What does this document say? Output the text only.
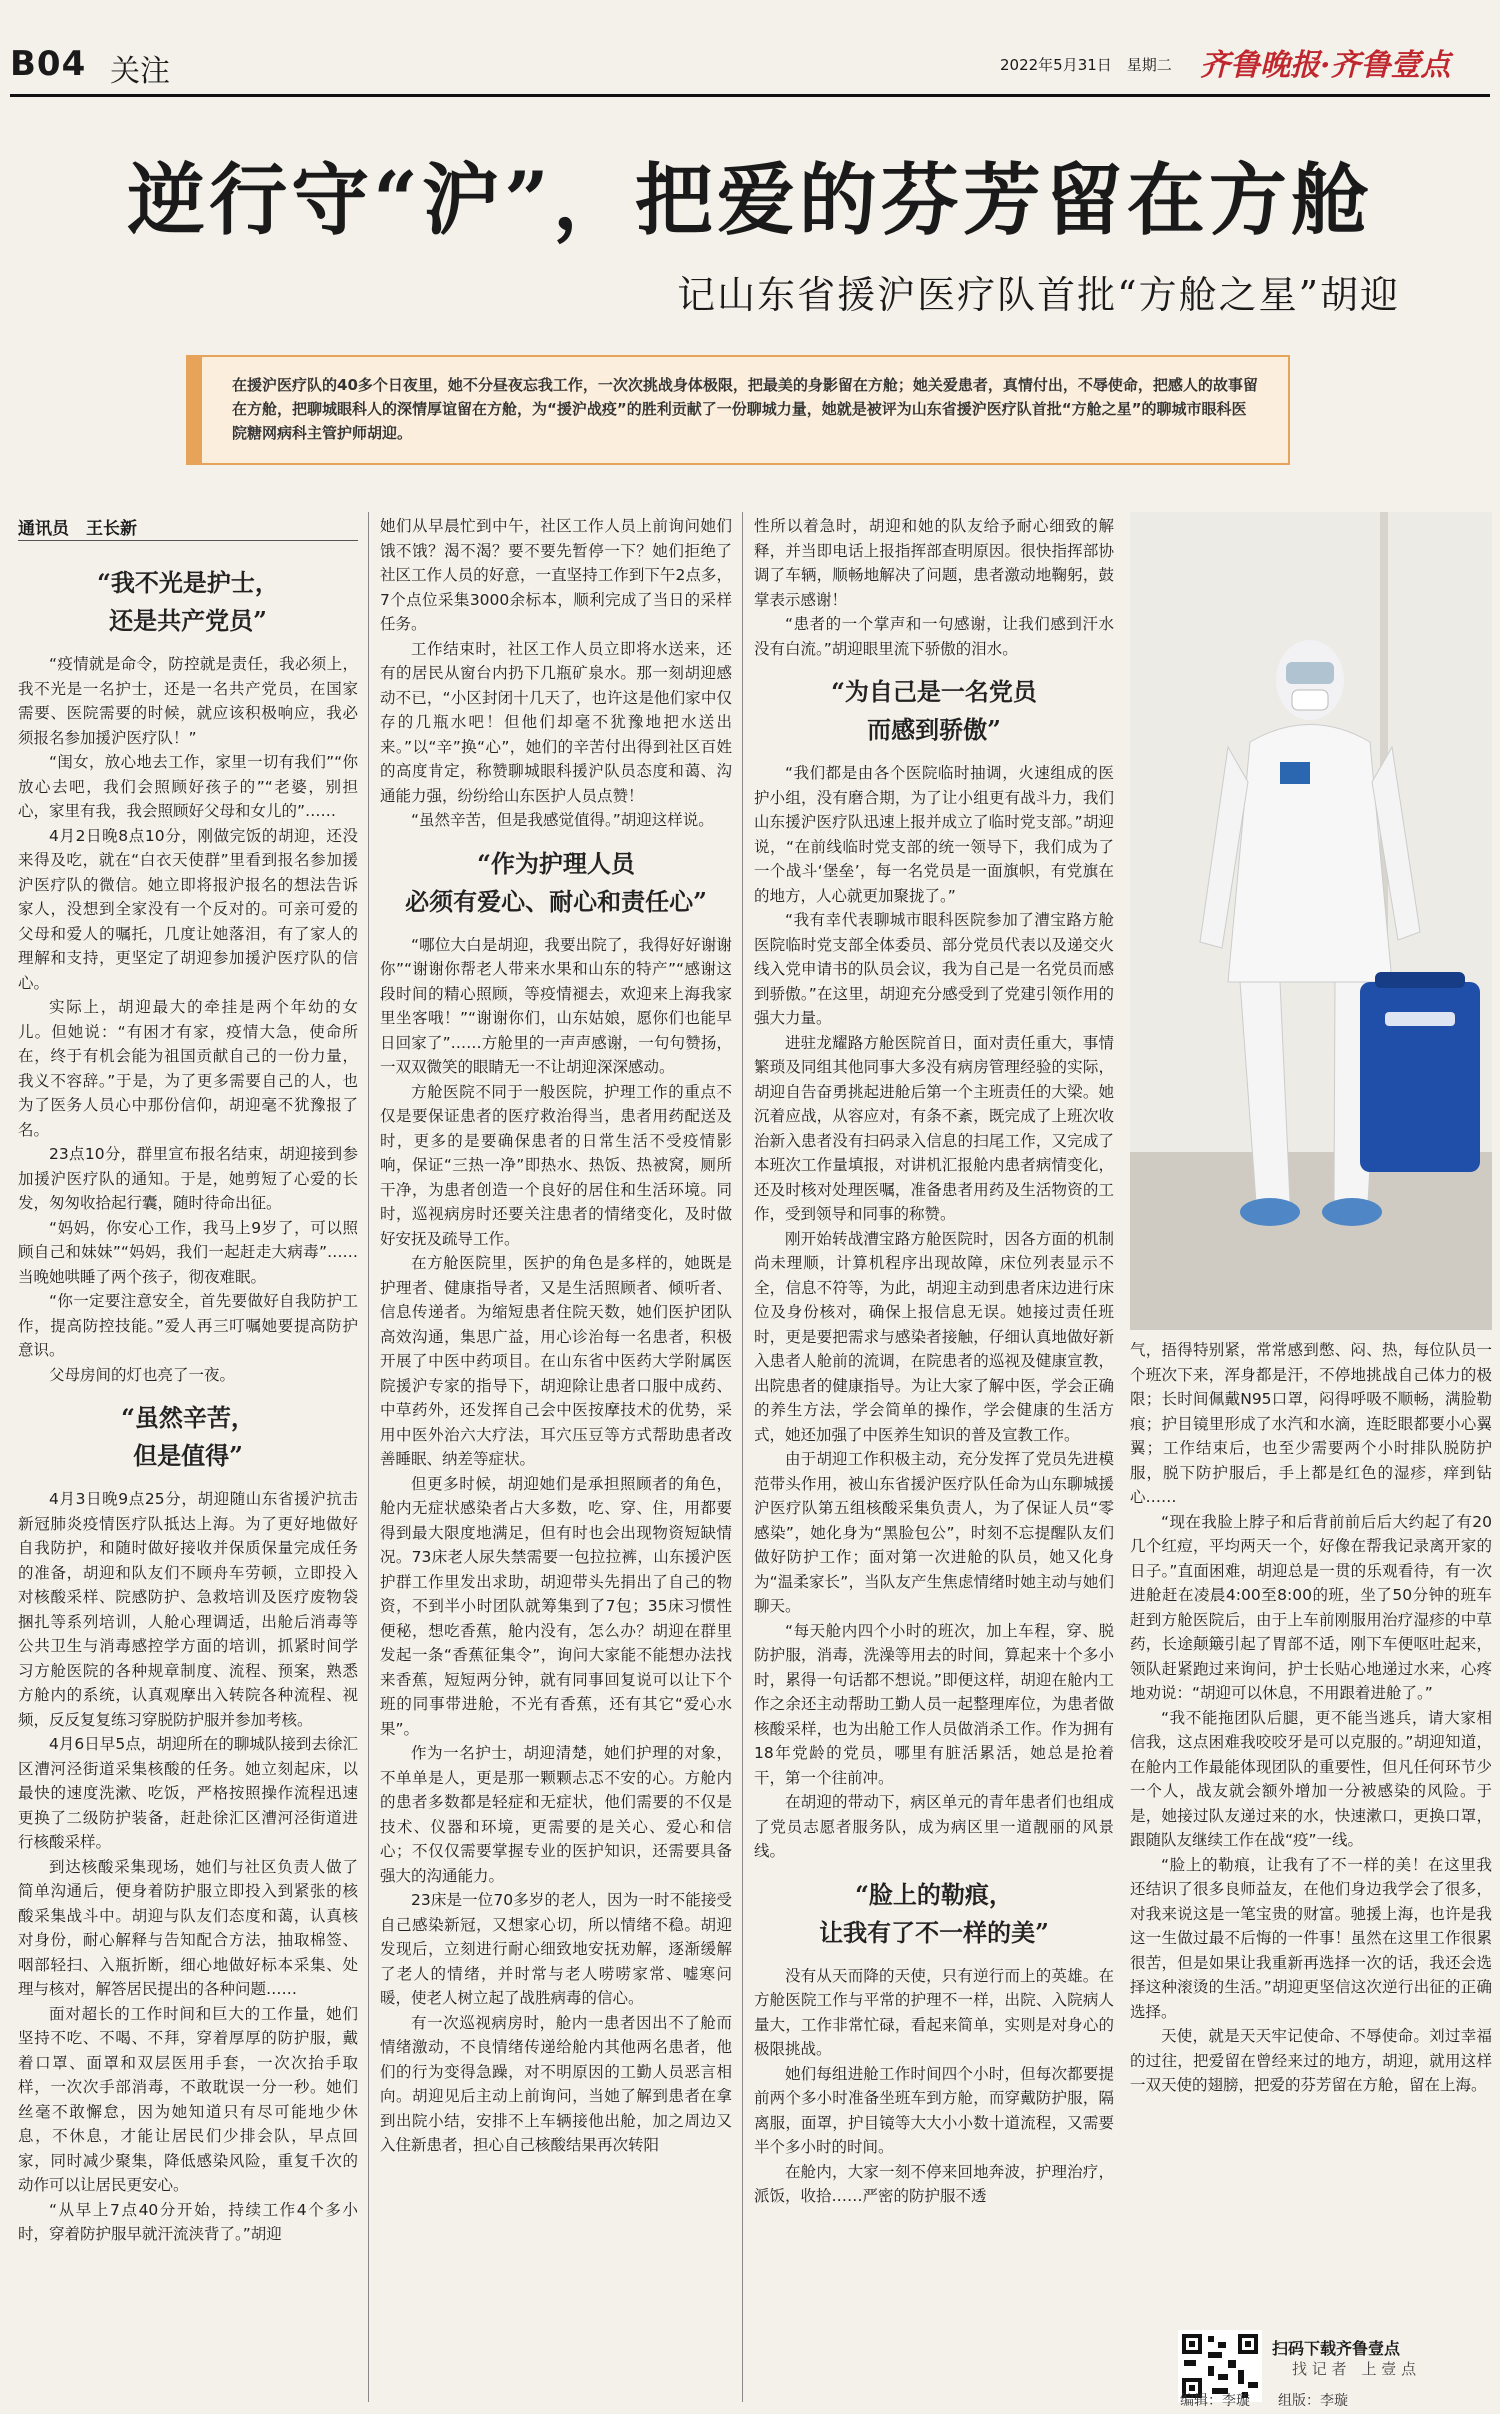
B04 关注	2022年5月31日　星期二 齐鲁晚报·齐鲁壹点
逆行守“沪”，把爱的芬芳留在方舱
记山东省援沪医疗队首批“方舱之星”胡迎
在援沪医疗队的40多个日夜里，她不分昼夜忘我工作，一次次挑战身体极限，把最美的身影留在方舱；她关爱患者，真情付出，不辱使命，把感人的故事留在方舱，把聊城眼科人的深情厚谊留在方舱，为“援沪战疫”的胜利贡献了一份聊城力量，她就是被评为山东省援沪医疗队首批“方舱之星”的聊城市眼科医院糖网病科主管护师胡迎。
通讯员　王长新
“我不光是护士，
还是共产党员”

“疫情就是命令，防控就是责任，我必须上，我不光是一名护士，还是一名共产党员，在国家需要、医院需要的时候，就应该积极响应，我必须报名参加援沪医疗队！”

“闺女，放心地去工作，家里一切有我们”“你放心去吧，我们会照顾好孩子的”“老婆，别担心，家里有我，我会照顾好父母和女儿的”……

4月2日晚8点10分，刚做完饭的胡迎，还没来得及吃，就在“白衣天使群”里看到报名参加援沪医疗队的微信。她立即将报沪报名的想法告诉家人，没想到全家没有一个反对的。可亲可爱的父母和爱人的嘱托，几度让她落泪，有了家人的理解和支持，更坚定了胡迎参加援沪医疗队的信心。

实际上，胡迎最大的牵挂是两个年幼的女儿。但她说：“有困才有家，疫情大急，使命所在，终于有机会能为祖国贡献自己的一份力量，我义不容辞。”于是，为了更多需要自己的人，也为了医务人员心中那份信仰，胡迎毫不犹豫报了名。

23点10分，群里宣布报名结束，胡迎接到参加援沪医疗队的通知。于是，她剪短了心爱的长发，匆匆收拾起行囊，随时待命出征。

“妈妈，你安心工作，我马上9岁了，可以照顾自己和妹妹”“妈妈，我们一起赶走大病毒”……当晚她哄睡了两个孩子，彻夜难眠。

“你一定要注意安全，首先要做好自我防护工作，提高防控技能。”爱人再三叮嘱她要提高防护意识。

父母房间的灯也亮了一夜。

“虽然辛苦，
但是值得”

4月3日晚9点25分，胡迎随山东省援沪抗击新冠肺炎疫情医疗队抵达上海。为了更好地做好自我防护，和随时做好接收并保质保量完成任务的准备，胡迎和队友们不顾舟车劳顿，立即投入对核酸采样、院感防护、急救培训及医疗废物袋捆扎等系列培训，人舱心理调适，出舱后消毒等公共卫生与消毒感控学方面的培训，抓紧时间学习方舱医院的各种规章制度、流程、预案，熟悉方舱内的系统，认真观摩出入转院各种流程、视频，反反复复练习穿脱防护服并参加考核。

4月6日早5点，胡迎所在的聊城队接到去徐汇区漕河泾街道采集核酸的任务。她立刻起床，以最快的速度洗漱、吃饭，严格按照操作流程迅速更换了二级防护装备，赶赴徐汇区漕河泾街道进行核酸采样。

到达核酸采集现场，她们与社区负责人做了简单沟通后，便身着防护服立即投入到紧张的核酸采集战斗中。胡迎与队友们态度和蔼，认真核对身份，耐心解释与告知配合方法，抽取棉签、咽部轻扫、入瓶折断，细心地做好标本采集、处理与核对，解答居民提出的各种问题……

面对超长的工作时间和巨大的工作量，她们坚持不吃、不喝、不拜，穿着厚厚的防护服，戴着口罩、面罩和双层医用手套，一次次抬手取样，一次次手部消毒，不敢耽误一分一秒。她们丝毫不敢懈怠，因为她知道只有尽可能地少休息，不休息，才能让居民们少排会队，早点回家，同时减少聚集，降低感染风险，重复千次的动作可以让居民更安心。

“从早上7点40分开始，持续工作4个多小时，穿着防护服早就汗流浃背了。”胡迎

她们从早晨忙到中午，社区工作人员上前询问她们饿不饿？渴不渴？要不要先暂停一下？她们拒绝了社区工作人员的好意，一直坚持工作到下午2点多，7个点位采集3000余标本，顺利完成了当日的采样任务。

工作结束时，社区工作人员立即将水送来，还有的居民从窗台内扔下几瓶矿泉水。那一刻胡迎感动不已，“小区封闭十几天了，也许这是他们家中仅存的几瓶水吧！但他们却毫不犹豫地把水送出来。”以“辛”换“心”，她们的辛苦付出得到社区百姓的高度肯定，称赞聊城眼科援沪队员态度和蔼、沟通能力强，纷纷给山东医护人员点赞！

“虽然辛苦，但是我感觉值得。”胡迎这样说。

“作为护理人员
必须有爱心、耐心和责任心”

“哪位大白是胡迎，我要出院了，我得好好谢谢你”“谢谢你帮老人带来水果和山东的特产”“感谢这段时间的精心照顾，等疫情褪去，欢迎来上海我家里坐客哦！”“谢谢你们，山东姑娘，愿你们也能早日回家了”……方舱里的一声声感谢，一句句赞扬，一双双微笑的眼睛无一不让胡迎深深感动。

方舱医院不同于一般医院，护理工作的重点不仅是要保证患者的医疗救治得当，患者用药配送及时，更多的是要确保患者的日常生活不受疫情影响，保证“三热一净”即热水、热饭、热被窝，厕所干净，为患者创造一个良好的居住和生活环境。同时，巡视病房时还要关注患者的情绪变化，及时做好安抚及疏导工作。

在方舱医院里，医护的角色是多样的，她既是护理者、健康指导者，又是生活照顾者、倾听者、信息传递者。为缩短患者住院天数，她们医护团队高效沟通，集思广益，用心诊治每一名患者，积极开展了中医中药项目。在山东省中医药大学附属医院援沪专家的指导下，胡迎除让患者口服中成药、中草药外，还发挥自己会中医按摩技术的优势，采用中医外治六大疗法，耳穴压豆等方式帮助患者改善睡眠、纳差等症状。

但更多时候，胡迎她们是承担照顾者的角色，舱内无症状感染者占大多数，吃、穿、住，用都要得到最大限度地满足，但有时也会出现物资短缺情况。73床老人尿失禁需要一包拉拉裤，山东援沪医护群工作里发出求助，胡迎带头先捐出了自己的物资，不到半小时团队就筹集到了7包；35床习惯性便秘，想吃香蕉，舱内没有，怎么办？胡迎在群里发起一条“香蕉征集令”，询问大家能不能想办法找来香蕉，短短两分钟，就有同事回复说可以让下个班的同事带进舱，不光有香蕉，还有其它“爱心水果”。

作为一名护士，胡迎清楚，她们护理的对象，不单单是人，更是那一颗颗忐忑不安的心。方舱内的患者多数都是轻症和无症状，他们需要的不仅是技术、仪器和环境，更需要的是关心、爱心和信心；不仅仅需要掌握专业的医护知识，还需要具备强大的沟通能力。

23床是一位70多岁的老人，因为一时不能接受自己感染新冠，又想家心切，所以情绪不稳。胡迎发现后，立刻进行耐心细致地安抚劝解，逐渐缓解了老人的情绪，并时常与老人唠唠家常、嘘寒问暖，使老人树立起了战胜病毒的信心。

有一次巡视病房时，舱内一患者因出不了舱而情绪激动，不良情绪传递给舱内其他两名患者，他们的行为变得急躁，对不明原因的工勤人员恶言相向。胡迎见后主动上前询问，当她了解到患者在拿到出院小结，安排不上车辆接他出舱，加之周边又入住新患者，担心自己核酸结果再次转阳

性所以着急时，胡迎和她的队友给予耐心细致的解释，并当即电话上报指挥部查明原因。很快指挥部协调了车辆，顺畅地解决了问题，患者激动地鞠躬，鼓掌表示感谢！

“患者的一个掌声和一句感谢，让我们感到汗水没有白流。”胡迎眼里流下骄傲的泪水。

“为自己是一名党员
而感到骄傲”

“我们都是由各个医院临时抽调，火速组成的医护小组，没有磨合期，为了让小组更有战斗力，我们山东援沪医疗队迅速上报并成立了临时党支部。”胡迎说，“在前线临时党支部的统一领导下，我们成为了一个战斗‘堡垒’，每一名党员是一面旗帜，有党旗在的地方，人心就更加聚拢了。”

“我有幸代表聊城市眼科医院参加了漕宝路方舱医院临时党支部全体委员、部分党员代表以及递交火线入党申请书的队员会议，我为自己是一名党员而感到骄傲。”在这里，胡迎充分感受到了党建引领作用的强大力量。

进驻龙耀路方舱医院首日，面对责任重大，事情繁琐及同组其他同事大多没有病房管理经验的实际，胡迎自告奋勇挑起进舱后第一个主班责任的大梁。她沉着应战，从容应对，有条不紊，既完成了上班次收治新入患者没有扫码录入信息的扫尾工作，又完成了本班次工作量填报，对讲机汇报舱内患者病情变化，还及时核对处理医嘱，准备患者用药及生活物资的工作，受到领导和同事的称赞。

刚开始转战漕宝路方舱医院时，因各方面的机制尚未理顺，计算机程序出现故障，床位列表显示不全，信息不符等，为此，胡迎主动到患者床边进行床位及身份核对，确保上报信息无误。她接过责任班时，更是要把需求与感染者接触，仔细认真地做好新入患者人舱前的流调，在院患者的巡视及健康宣教，出院患者的健康指导。为让大家了解中医，学会正确的养生方法，学会简单的操作，学会健康的生活方式，她还加强了中医养生知识的普及宣教工作。

由于胡迎工作积极主动，充分发挥了党员先进模范带头作用，被山东省援沪医疗队任命为山东聊城援沪医疗队第五组核酸采集负责人，为了保证人员“零感染”，她化身为“黑脸包公”，时刻不忘提醒队友们做好防护工作；面对第一次进舱的队员，她又化身为“温柔家长”，当队友产生焦虑情绪时她主动与她们聊天。

“每天舱内四个小时的班次，加上车程，穿、脱防护服，消毒，洗澡等用去的时间，算起来十个多小时，累得一句话都不想说。”即便这样，胡迎在舱内工作之余还主动帮助工勤人员一起整理库位，为患者做核酸采样，也为出舱工作人员做消杀工作。作为拥有18年党龄的党员，哪里有脏活累活，她总是抢着干，第一个往前冲。

在胡迎的带动下，病区单元的青年患者们也组成了党员志愿者服务队，成为病区里一道靓丽的风景线。

“脸上的勒痕，
让我有了不一样的美”

没有从天而降的天使，只有逆行而上的英雄。在方舱医院工作与平常的护理不一样，出院、入院病人量大，工作非常忙碌，看起来简单，实则是对身心的极限挑战。

她们每组进舱工作时间四个小时，但每次都要提前两个多小时准备坐班车到方舱，而穿戴防护服，隔离服，面罩，护目镜等大大小小数十道流程，又需要半个多小时的时间。

在舱内，大家一刻不停来回地奔波，护理治疗，派饭，收拾……严密的防护服不透

气，捂得特别紧，常常感到憋、闷、热，每位队员一个班次下来，浑身都是汗，不停地挑战自己体力的极限；长时间佩戴N95口罩，闷得呼吸不顺畅，满脸勒痕；护目镜里形成了水汽和水滴，连眨眼都要小心翼翼；工作结束后，也至少需要两个小时排队脱防护服，脱下防护服后，手上都是红色的湿疹，痒到钻心……

“现在我脸上脖子和后背前前后后大约起了有20几个红痘，平均两天一个，好像在帮我记录离开家的日子。”直面困难，胡迎总是一贯的乐观看待，有一次进舱赶在凌晨4:00至8:00的班，坐了50分钟的班车赶到方舱医院后，由于上车前刚服用治疗湿疹的中草药，长途颠簸引起了胃部不适，刚下车便呕吐起来，领队赶紧跑过来询问，护士长贴心地递过水来，心疼地劝说：“胡迎可以休息，不用跟着进舱了。”

“我不能拖团队后腿，更不能当逃兵，请大家相信我，这点困难我咬咬牙是可以克服的。”胡迎知道，在舱内工作最能体现团队的重要性，但凡任何环节少一个人，战友就会额外增加一分被感染的风险。于是，她接过队友递过来的水，快速漱口，更换口罩，跟随队友继续工作在战“疫”一线。

“脸上的勒痕，让我有了不一样的美！在这里我还结识了很多良师益友，在他们身边我学会了很多，对我来说这是一笔宝贵的财富。驰援上海，也许是我这一生做过最不后悔的一件事！虽然在这里工作很累很苦，但是如果让我重新再选择一次的话，我还会选择这种滚烫的生活。”胡迎更坚信这次逆行出征的正确选择。

天使，就是天天牢记使命、不辱使命。刘过幸福的过往，把爱留在曾经来过的地方，胡迎，就用这样一双天使的翅膀，把爱的芬芳留在方舱，留在上海。

扫码下载齐鲁壹点
找 记 者　上 壹 点
编辑：李璇　　组版：李璇
